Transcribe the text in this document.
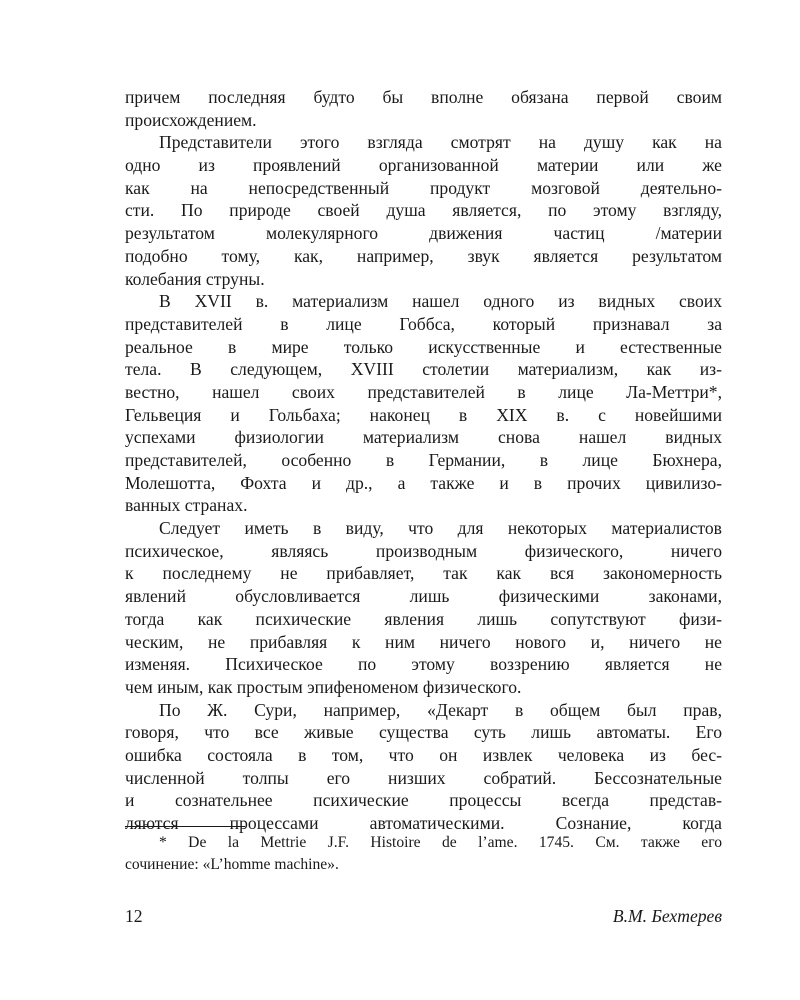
причем последняя будто бы вполне обязана первой своим
происхождением.
Представители этого взгляда смотрят на душу как на
одно из проявлений организованной материи или же
как на непосредственный продукт мозговой деятельно-
сти. По природе своей душа является, по этому взгляду,
результатом молекулярного движения частиц /материи
подобно тому, как, например, звук является результатом
колебания струны.
В XVII в. материализм нашел одного из видных своих
представителей в лице Гоббса, который признавал за
реальное в мире только искусственные и естественные
тела. В следующем, XVIII столетии материализм, как из-
вестно, нашел своих представителей в лице Ла-Меттри*,
Гельвеция и Гольбаха; наконец в XIX в. с новейшими
успехами физиологии материализм снова нашел видных
представителей, особенно в Германии, в лице Бюхнера,
Молешотта, Фохта и др., а также и в прочих цивилизо-
ванных странах.
Следует иметь в виду, что для некоторых материалистов
психическое, являясь производным физического, ничего
к последнему не прибавляет, так как вся закономерность
явлений обусловливается лишь физическими законами,
тогда как психические явления лишь сопутствуют физи-
ческим, не прибавляя к ним ничего нового и, ничего не
изменяя. Психическое по этому воззрению является не
чем иным, как простым эпифеноменом физического.
По Ж. Сури, например, «Декарт в общем был прав,
говоря, что все живые существа суть лишь автоматы. Его
ошибка состояла в том, что он извлек человека из бес-
численной толпы его низших собратий. Бессознательные
и сознательнее психические процессы всегда представ-
ляются процессами автоматическими. Сознание, когда
* De la Mettrie J.F. Histoire de l’ame. 1745. См. также его
сочинение: «L’homme machine».
12	В.М. Бехтерев
